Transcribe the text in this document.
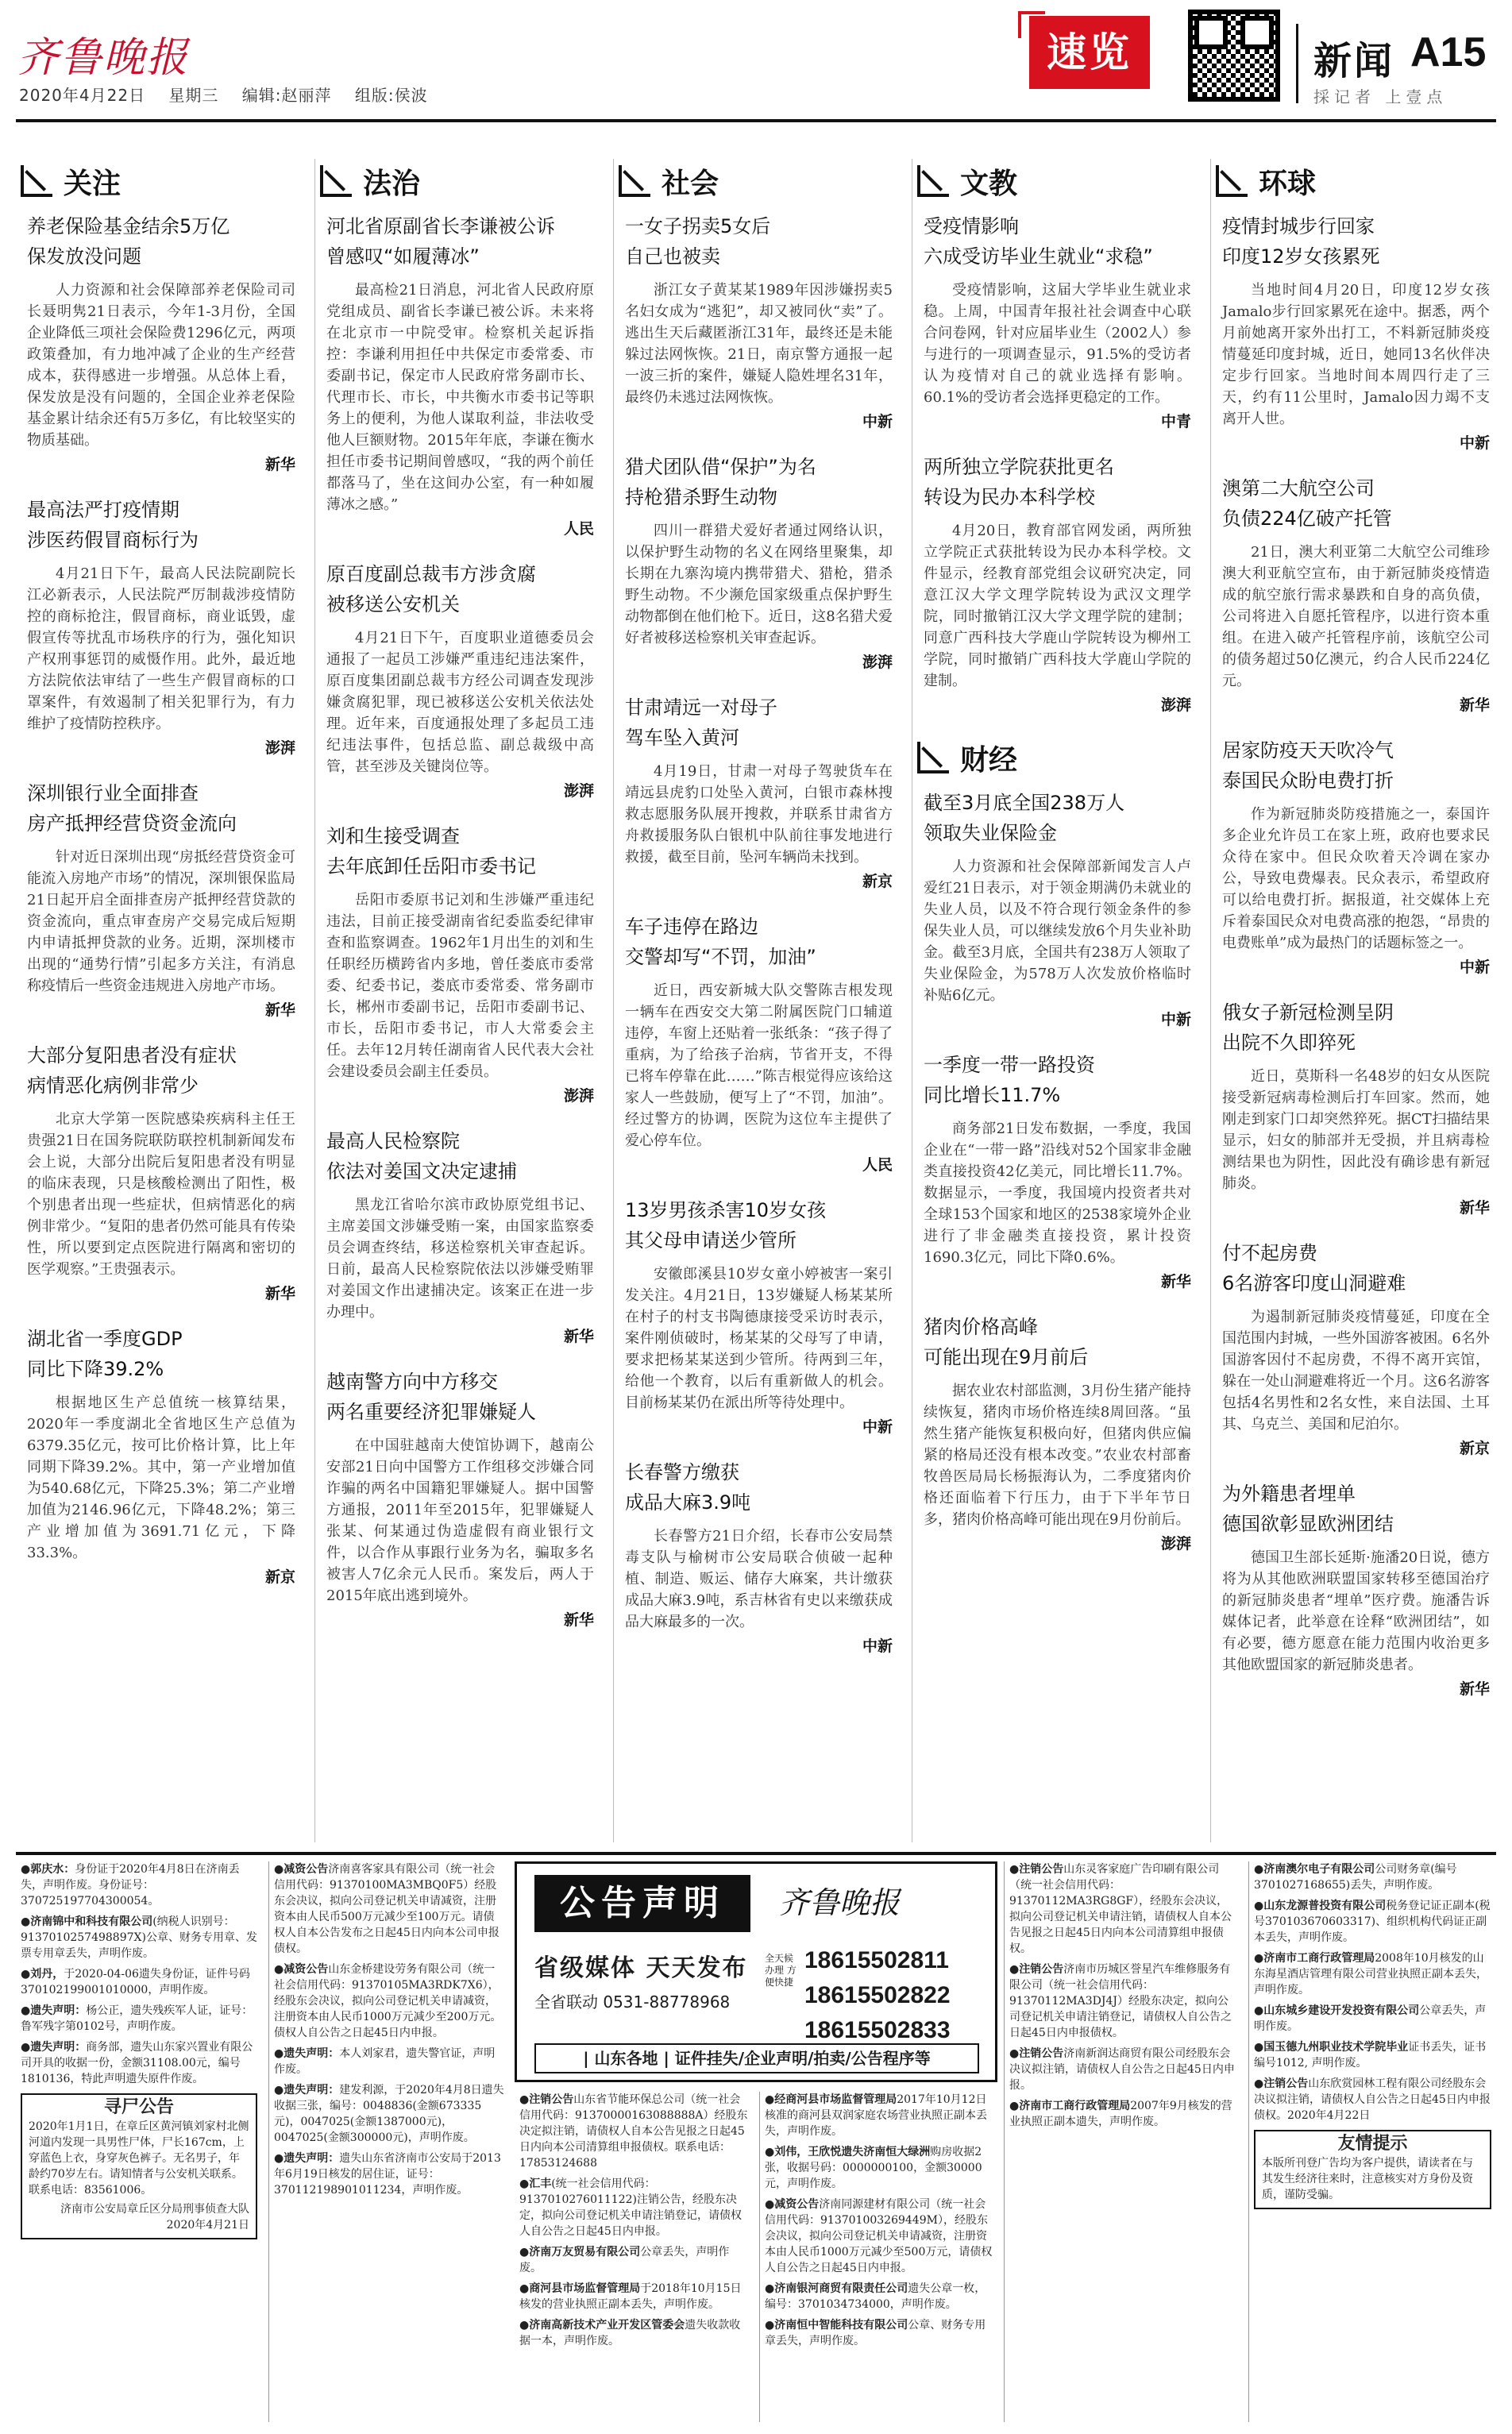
齐鲁晚报
2020年4月22日 星期三 编辑:赵丽萍 组版:侯波
速览	新闻 A15
採记者 上壹点
关注
养老保险基金结余5万亿
保发放没问题

人力资源和社会保障部养老保险司司长聂明隽21日表示，今年1-3月份，全国企业降低三项社会保险费1296亿元，两项政策叠加，有力地冲减了企业的生产经营成本，获得感进一步增强。从总体上看，保发放是没有问题的，全国企业养老保险基金累计结余还有5万多亿，有比较坚实的物质基础。

新华
最高法严打疫情期
涉医药假冒商标行为

4月21日下午，最高人民法院副院长江必新表示，人民法院严厉制裁涉疫情防控的商标抢注，假冒商标，商业诋毁，虚假宣传等扰乱市场秩序的行为，强化知识产权刑事惩罚的威慑作用。此外，最近地方法院依法审结了一些生产假冒商标的口罩案件，有效遏制了相关犯罪行为，有力维护了疫情防控秩序。

澎湃
深圳银行业全面排查
房产抵押经营贷资金流向

针对近日深圳出现“房抵经营贷资金可能流入房地产市场”的情况，深圳银保监局21日起开启全面排查房产抵押经营贷款的资金流向，重点审查房产交易完成后短期内申请抵押贷款的业务。近期，深圳楼市出现的“通势行情”引起多方关注，有消息称疫情后一些资金违规进入房地产市场。

新华
大部分复阳患者没有症状
病情恶化病例非常少

北京大学第一医院感染疾病科主任王贵强21日在国务院联防联控机制新闻发布会上说，大部分出院后复阳患者没有明显的临床表现，只是核酸检测出了阳性，极个别患者出现一些症状，但病情恶化的病例非常少。“复阳的患者仍然可能具有传染性，所以要到定点医院进行隔离和密切的医学观察。”王贵强表示。

新华
湖北省一季度GDP
同比下降39.2%

根据地区生产总值统一核算结果，2020年一季度湖北全省地区生产总值为6379.35亿元，按可比价格计算，比上年同期下降39.2%。其中，第一产业增加值为540.68亿元，下降25.3%；第二产业增加值为2146.96亿元，下降48.2%；第三产业增加值为3691.71亿元，下降33.3%。

新京
法治
河北省原副省长李谦被公诉
曾感叹“如履薄冰”

最高检21日消息，河北省人民政府原党组成员、副省长李谦已被公诉。未来将在北京市一中院受审。检察机关起诉指控：李谦利用担任中共保定市委常委、市委副书记，保定市人民政府常务副市长、代理市长、市长，中共衡水市委书记等职务上的便利，为他人谋取利益，非法收受他人巨额财物。2015年年底，李谦在衡水担任市委书记期间曾感叹，“我的两个前任都落马了，坐在这间办公室，有一种如履薄冰之感。”

人民
原百度副总裁韦方涉贪腐
被移送公安机关

4月21日下午，百度职业道德委员会通报了一起员工涉嫌严重违纪违法案件，原百度集团副总裁韦方经公司调查发现涉嫌贪腐犯罪，现已被移送公安机关依法处理。近年来，百度通报处理了多起员工违纪违法事件，包括总监、副总裁级中高管，甚至涉及关键岗位等。

澎湃
刘和生接受调查
去年底卸任岳阳市委书记

岳阳市委原书记刘和生涉嫌严重违纪违法，目前正接受湖南省纪委监委纪律审查和监察调查。1962年1月出生的刘和生任职经历横跨省内多地，曾任娄底市委常委、纪委书记，娄底市委常委、常务副市长，郴州市委副书记，岳阳市委副书记、市长，岳阳市委书记，市人大常委会主任。去年12月转任湖南省人民代表大会社会建设委员会副主任委员。

澎湃
最高人民检察院
依法对姜国文决定逮捕

黑龙江省哈尔滨市政协原党组书记、主席姜国文涉嫌受贿一案，由国家监察委员会调查终结，移送检察机关审查起诉。日前，最高人民检察院依法以涉嫌受贿罪对姜国文作出逮捕决定。该案正在进一步办理中。

新华
越南警方向中方移交
两名重要经济犯罪嫌疑人

在中国驻越南大使馆协调下，越南公安部21日向中国警方工作组移交涉嫌合同诈骗的两名中国籍犯罪嫌疑人。据中国警方通报，2011年至2015年，犯罪嫌疑人张某、何某通过伪造虚假有商业银行文件，以合作从事跟行业务为名，骗取多名被害人7亿余元人民币。案发后，两人于2015年底出逃到境外。

新华
社会
一女子拐卖5女后
自己也被卖

浙江女子黄某某1989年因涉嫌拐卖5名妇女成为“逃犯”，却又被同伙“卖”了。逃出生天后藏匿浙江31年，最终还是未能躲过法网恢恢。21日，南京警方通报一起一波三折的案件，嫌疑人隐姓埋名31年，最终仍未逃过法网恢恢。

中新
猎犬团队借“保护”为名
持枪猎杀野生动物

四川一群猎犬爱好者通过网络认识，以保护野生动物的名义在网络里聚集，却长期在九寨沟境内携带猎犬、猎枪，猎杀野生动物。不少濒危国家级重点保护野生动物都倒在他们枪下。近日，这8名猎犬爱好者被移送检察机关审查起诉。

澎湃
甘肃靖远一对母子
驾车坠入黄河

4月19日，甘肃一对母子驾驶货车在靖远县虎豹口处坠入黄河，白银市森林搜救志愿服务队展开搜救，并联系甘肃省方舟救援服务队白银机中队前往事发地进行救援，截至目前，坠河车辆尚未找到。

新京
车子违停在路边
交警却写“不罚，加油”

近日，西安新城大队交警陈吉根发现一辆车在西安交大第二附属医院门口辅道违停，车窗上还贴着一张纸条：“孩子得了重病，为了给孩子治病，节省开支，不得已将车停靠在此……”陈吉根觉得应该给这家人一些鼓励，便写上了“不罚，加油”。经过警方的协调，医院为这位车主提供了爱心停车位。

人民
13岁男孩杀害10岁女孩
其父母申请送少管所

安徽郎溪县10岁女童小婷被害一案引发关注。4月21日，13岁嫌疑人杨某某所在村子的村支书陶德康接受采访时表示，案件刚侦破时，杨某某的父母写了申请，要求把杨某某送到少管所。待两到三年，给他一个教育，以后有重新做人的机会。目前杨某某仍在派出所等待处理中。

中新
长春警方缴获
成品大麻3.9吨

长春警方21日介绍，长春市公安局禁毒支队与榆树市公安局联合侦破一起种植、制造、贩运、储存大麻案，共计缴获成品大麻3.9吨，系吉林省有史以来缴获成品大麻最多的一次。

中新
文教
受疫情影响
六成受访毕业生就业“求稳”

受疫情影响，这届大学毕业生就业求稳。上周，中国青年报社社会调查中心联合问卷网，针对应届毕业生（2002人）参与进行的一项调查显示，91.5%的受访者认为疫情对自己的就业选择有影响。60.1%的受访者会选择更稳定的工作。

中青
两所独立学院获批更名
转设为民办本科学校

4月20日，教育部官网发函，两所独立学院正式获批转设为民办本科学校。文件显示，经教育部党组会议研究决定，同意江汉大学文理学院转设为武汉文理学院，同时撤销江汉大学文理学院的建制；同意广西科技大学鹿山学院转设为柳州工学院，同时撤销广西科技大学鹿山学院的建制。

澎湃
财经
截至3月底全国238万人
领取失业保险金

人力资源和社会保障部新闻发言人卢爱红21日表示，对于领金期满仍未就业的失业人员，以及不符合现行领金条件的参保失业人员，可以继续发放6个月失业补助金。截至3月底，全国共有238万人领取了失业保险金，为578万人次发放价格临时补贴6亿元。

中新
一季度一带一路投资
同比增长11.7%

商务部21日发布数据，一季度，我国企业在“一带一路”沿线对52个国家非金融类直接投资42亿美元，同比增长11.7%。数据显示，一季度，我国境内投资者共对全球153个国家和地区的2538家境外企业进行了非金融类直接投资，累计投资1690.3亿元，同比下降0.6%。

新华
猪肉价格高峰
可能出现在9月前后

据农业农村部监测，3月份生猪产能持续恢复，猪肉市场价格连续8周回落。“虽然生猪产能恢复积极向好，但猪肉供应偏紧的格局还没有根本改变。”农业农村部畜牧兽医局局长杨振海认为，二季度猪肉价格还面临着下行压力，由于下半年节日多，猪肉价格高峰可能出现在9月份前后。

澎湃
环球
疫情封城步行回家
印度12岁女孩累死

当地时间4月20日，印度12岁女孩Jamalo步行回家累死在途中。据悉，两个月前她离开家外出打工，不料新冠肺炎疫情蔓延印度封城，近日，她同13名伙伴决定步行回家。当地时间本周四行走了三天，约有11公里时，Jamalo因力竭不支离开人世。

中新
澳第二大航空公司
负债224亿破产托管

21日，澳大利亚第二大航空公司维珍澳大利亚航空宣布，由于新冠肺炎疫情造成的航空旅行需求暴跌和自身的高负债，公司将进入自愿托管程序，以进行资本重组。在进入破产托管程序前，该航空公司的债务超过50亿澳元，约合人民币224亿元。

新华
居家防疫天天吹冷气
泰国民众盼电费打折

作为新冠肺炎防疫措施之一，泰国许多企业允许员工在家上班，政府也要求民众待在家中。但民众吹着天冷调在家办公，导致电费爆表。民众表示，希望政府可以给电费打折。据报道，社交媒体上充斥着泰国民众对电费高涨的抱怨，“昂贵的电费账单”成为最热门的话题标签之一。

中新
俄女子新冠检测呈阴
出院不久即猝死

近日，莫斯科一名48岁的妇女从医院接受新冠病毒检测后打车回家。然而，她刚走到家门口却突然猝死。据CT扫描结果显示，妇女的肺部并无受损，并且病毒检测结果也为阴性，因此没有确诊患有新冠肺炎。

新华
付不起房费
6名游客印度山洞避难

为遏制新冠肺炎疫情蔓延，印度在全国范围内封城，一些外国游客被困。6名外国游客因付不起房费，不得不离开宾馆，躲在一处山洞避难将近一个月。这6名游客包括4名男性和2名女性，来自法国、土耳其、乌克兰、美国和尼泊尔。

新京
为外籍患者埋单
德国欲彰显欧洲团结

德国卫生部长延斯·施潘20日说，德方将为从其他欧洲联盟国家转移至德国治疗的新冠肺炎患者“埋单”医疗费。施潘告诉媒体记者，此举意在诠释“欧洲团结”，如有必要，德方愿意在能力范围内收治更多其他欧盟国家的新冠肺炎患者。

新华
●郭庆水：身份证于2020年4月8日在济南丢失，声明作废。身份证号：370725197704300054。
●济南锦中和科技有限公司(纳税人识别号：9137010257498897X)公章、财务专用章、发票专用章丢失，声明作废。
●刘丹，于2020-04-06遗失身份证，证件号码370102199001010000，声明作废。
●遗失声明：杨公正，遗失残疾军人证，证号：鲁军残字第0102号，声明作废。
●遗失声明：商务部，遗失山东家兴置业有限公司开具的收据一份，金额31108.00元，编号1810136，特此声明遗失原件作废。
寻尸公告
2020年1月1日，在章丘区黄河镇刘家村北侧河道内发现一具男性尸体，尸长167cm，上穿蓝色上衣，身穿灰色裤子。无名男子，年龄约70岁左右。请知情者与公安机关联系。联系电话：83561006。
济南市公安局章丘区分局刑事侦查大队 2020年4月21日
●减资公告济南喜客家具有限公司（统一社会信用代码：91370100MA3MBQ0F5）经股东会决议，拟向公司登记机关申请减资，注册资本由人民币500万元减少至100万元。请债权人自本公告发布之日起45日内向本公司申报债权。
●减资公告山东金桥建设劳务有限公司（统一社会信用代码：91370105MA3RDK7X6），经股东会决议，拟向公司登记机关申请减资，注册资本由人民币1000万元减少至200万元。债权人自公告之日起45日内申报。
●遗失声明：本人刘家君，遗失警官证，声明作废。
●遗失声明：建发利源，于2020年4月8日遗失收据三张，编号：0048836(金额673335元)，0047025(金额1387000元)，0047025(金额300000元)，声明作废。
●遗失声明：遗失山东省济南市公安局于2013年6月19日核发的居住证，证号：370112198901011234，声明作废。
公告声明	齐鲁晚报
省级媒体 天天发布
全省联动 0531-88778968
全天候办理 方便快捷
18615502811
18615502822
18615502833
| 山东各地 | 证件挂失/企业声明/拍卖/公告程序等
●注销公告山东省节能环保总公司（统一社会信用代码：91370000163088888A）经股东决定拟注销，请债权人自本公告见报之日起45日内向本公司清算组申报债权。联系电话：17853124688
●汇丰(统一社会信用代码：9137010276011122)注销公告，经股东决定，拟向公司登记机关申请注销登记，请债权人自公告之日起45日内申报。
●济南万友贸易有限公司公章丢失，声明作废。
●商河县市场监督管理局于2018年10月15日核发的营业执照正副本丢失，声明作废。
●济南高新技术产业开发区管委会遗失收款收据一本，声明作废。
●经商河县市场监督管理局2017年10月12日核准的商河县双润家庭农场营业执照正副本丢失，声明作废。
●刘伟，王欣悦遗失济南恒大绿洲购房收据2张，收据号码：0000000100，金额30000元，声明作废。
●减资公告济南同源建材有限公司（统一社会信用代码：913701003269449M），经股东会决议，拟向公司登记机关申请减资，注册资本由人民币1000万元减少至500万元，请债权人自公告之日起45日内申报。
●济南银河商贸有限责任公司遗失公章一枚，编号：3701034734000，声明作废。
●济南恒中智能科技有限公司公章、财务专用章丢失，声明作废。
●注销公告山东灵客家庭广告印刷有限公司（统一社会信用代码：91370112MA3RG8GF），经股东会决议，拟向公司登记机关申请注销，请债权人自本公告见报之日起45日内向本公司清算组申报债权。
●注销公告济南市历城区誉星汽车维修服务有限公司（统一社会信用代码：91370112MA3DJ4J）经股东决定，拟向公司登记机关申请注销登记，请债权人自公告之日起45日内申报债权。
●注销公告济南新润达商贸有限公司经股东会决议拟注销，请债权人自公告之日起45日内申报。
●济南市工商行政管理局2007年9月核发的营业执照正副本遗失，声明作废。
●济南澳尔电子有限公司公司财务章(编号3701027168655)丢失，声明作废。
●山东龙源普投资有限公司税务登记证正副本(税号370103670603317)、组织机构代码证正副本丢失，声明作废。
●济南市工商行政管理局2008年10月核发的山东海星酒店管理有限公司营业执照正副本丢失，声明作废。
●山东城乡建设开发投资有限公司公章丢失，声明作废。
●国玉德九州职业技术学院毕业证书丢失，证书编号1012, 声明作废。
●注销公告山东欣赏园林工程有限公司经股东会决议拟注销，请债权人自公告之日起45日内申报债权。2020年4月22日
友情提示
本版所刊登广告均为客户提供，请读者在与其发生经济往来时，注意核实对方身份及资质，谨防受骗。
